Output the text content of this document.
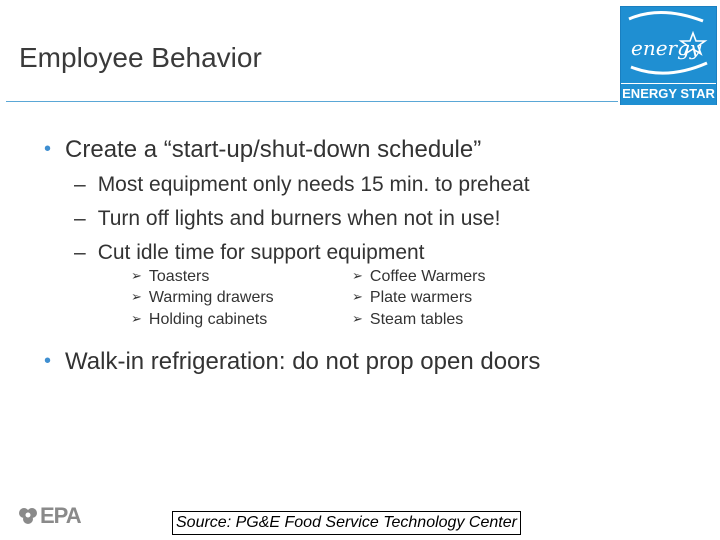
Employee Behavior	energy
ENERGY STAR
• Create a “start-up/shut-down schedule”
– Most equipment only needs 15 min. to preheat
– Turn off lights and burners when not in use!
– Cut idle time for support equipment
➢ Toasters
➢ Warming drawers
➢ Holding cabinets
➢ Coffee Warmers
➢ Plate warmers
➢ Steam tables
• Walk-in refrigeration: do not prop open doors
EPA	Source: PG&E Food Service Technology Center
